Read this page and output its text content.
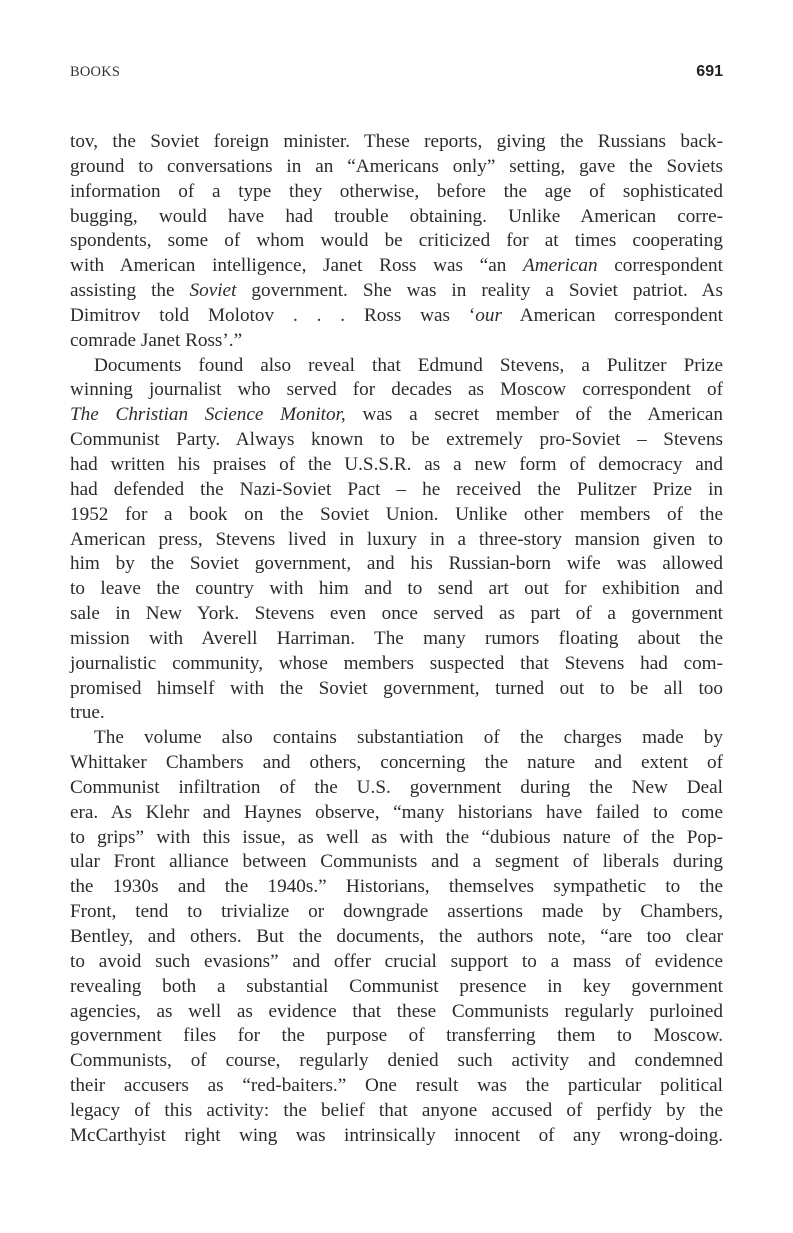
BOOKS	691
tov, the Soviet foreign minister. These reports, giving the Russians back-
ground to conversations in an “Americans only” setting, gave the Soviets
information of a type they otherwise, before the age of sophisticated
bugging, would have had trouble obtaining. Unlike American corre-
spondents, some of whom would be criticized for at times cooperating
with American intelligence, Janet Ross was “an American correspondent
assisting the Soviet government. She was in reality a Soviet patriot. As
Dimitrov told Molotov . . . Ross was ‘our American correspondent
comrade Janet Ross’.”
Documents found also reveal that Edmund Stevens, a Pulitzer Prize
winning journalist who served for decades as Moscow correspondent of
The Christian Science Monitor, was a secret member of the American
Communist Party. Always known to be extremely pro-Soviet – Stevens
had written his praises of the U.S.S.R. as a new form of democracy and
had defended the Nazi-Soviet Pact – he received the Pulitzer Prize in
1952 for a book on the Soviet Union. Unlike other members of the
American press, Stevens lived in luxury in a three-story mansion given to
him by the Soviet government, and his Russian-born wife was allowed
to leave the country with him and to send art out for exhibition and
sale in New York. Stevens even once served as part of a government
mission with Averell Harriman. The many rumors floating about the
journalistic community, whose members suspected that Stevens had com-
promised himself with the Soviet government, turned out to be all too
true.
The volume also contains substantiation of the charges made by
Whittaker Chambers and others, concerning the nature and extent of
Communist infiltration of the U.S. government during the New Deal
era. As Klehr and Haynes observe, “many historians have failed to come
to grips” with this issue, as well as with the “dubious nature of the Pop-
ular Front alliance between Communists and a segment of liberals during
the 1930s and the 1940s.” Historians, themselves sympathetic to the
Front, tend to trivialize or downgrade assertions made by Chambers,
Bentley, and others. But the documents, the authors note, “are too clear
to avoid such evasions” and offer crucial support to a mass of evidence
revealing both a substantial Communist presence in key government
agencies, as well as evidence that these Communists regularly purloined
government files for the purpose of transferring them to Moscow.
Communists, of course, regularly denied such activity and condemned
their accusers as “red-baiters.” One result was the particular political
legacy of this activity: the belief that anyone accused of perfidy by the
McCarthyist right wing was intrinsically innocent of any wrong-doing.
